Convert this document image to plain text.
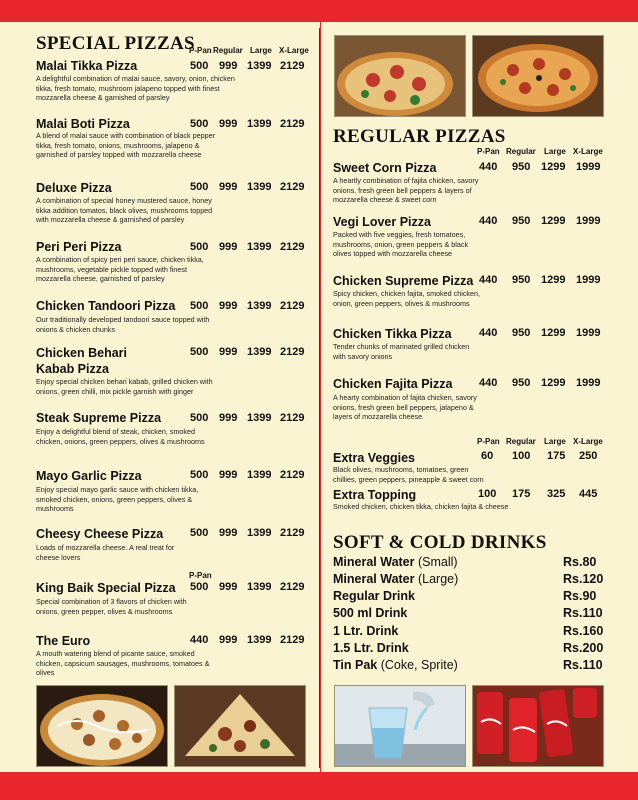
SPECIAL PIZZAS
P-Pan Regular Large X-Large
Malai Tikka Pizza	500 999 1399 2129
A delightful combination of malai sauce, savory, onion, chicken tikka, fresh tomato, mushroom jalapeno topped with finest mozzarella cheese & garnished of parsley
Malai Boti Pizza	500 999 1399 2129
A blend of malai sauce with combination of black pepper tikka, fresh tomato, onions, mushrooms, jalapeno & garnished of parsley topped with mozzarella cheese
Deluxe Pizza	500 999 1399 2129
A combination of special honey mustered sauce, honey tikka addition tomatos, black olives, mushrooms topped with mozzarella cheese & garnished of parsley
Peri Peri Pizza	500 999 1399 2129
A combination of spicy peri peri sauce, chicken tikka, mushrooms, vegetable pickle topped with finest mozzarella cheese, garnished of parsley
Chicken Tandoori Pizza 500 999 1399 2129
Our traditionally developed tandoori sauce topped with onions & chicken chunks
Chicken Behari
Kabab Pizza
500 999 1399 2129
Enjoy special chicken behari kabab, grilled chicken with onions, green chilli, mix pickle garnish with ginger
Steak Supreme Pizza	500 999 1399 2129
Enjoy a delightful blend of steak, chicken, smoked chicken, onions, green peppers, olives & mushrooms
Mayo Garlic Pizza	500 999 1399 2129
Enjoy special mayo garlic sauce with chicken tikka, smoked chicken, onions, green peppers, olives & mushrooms
Cheesy Cheese Pizza 500 999 1399 2129
Loads of mozzarella cheese. A real treat for cheese lovers
P-Pan
King Baik Special Pizza 500 999 1399 2129
Special combination of 3 flavors of chicken with onions, green pepper, olives & mushrooms
The Euro	440 999 1399 2129
A mouth watering blend of picante sauce, smoked chicken, capsicum sausages, mushrooms, tomatoes & olives
REGULAR PIZZAS
P-Pan Regular Large X-Large
Sweet Corn Pizza	440 950 1299 1999
A heartly combination of fajita chicken, savory onions, fresh green bell peppers & layers of mozzarella cheese & sweet corn
Vegi Lover Pizza	440 950 1299 1999
Packed with five veggies, fresh tomatoes, mushrooms, onion, green peppers & black olives topped with mozzarella cheese
Chicken Supreme Pizza 440 950 1299 1999
Spicy chicken, chicken fajita, smoked chicken, onion, green peppers, olives & mushrooms
Chicken Tikka Pizza 440 950 1299 1999
Tender chunks of marinated grilled chicken with savory onions
Chicken Fajita Pizza 440 950 1299 1999
A hearty combination of fajita chicken, savory onions, fresh green bell peppers, jalapeno & layers of mozzarella cheese
P-Pan Regular Large X-Large
Extra Veggies	60 100 175 250
Black olives, mushrooms, tomatoes, green chillies, green peppers, pineapple & sweet corn
Extra Topping	100 175 325 445
Smoked chicken, chicken tikka, chicken fajita & cheese
SOFT & COLD DRINKS
Mineral Water (Small)	Rs.80
Mineral Water (Large)	Rs.120
Regular Drink	Rs.90
500 ml Drink	Rs.110
1 Ltr. Drink	Rs.160
1.5 Ltr. Drink	Rs.200
Tin Pak (Coke, Sprite)	Rs.110
